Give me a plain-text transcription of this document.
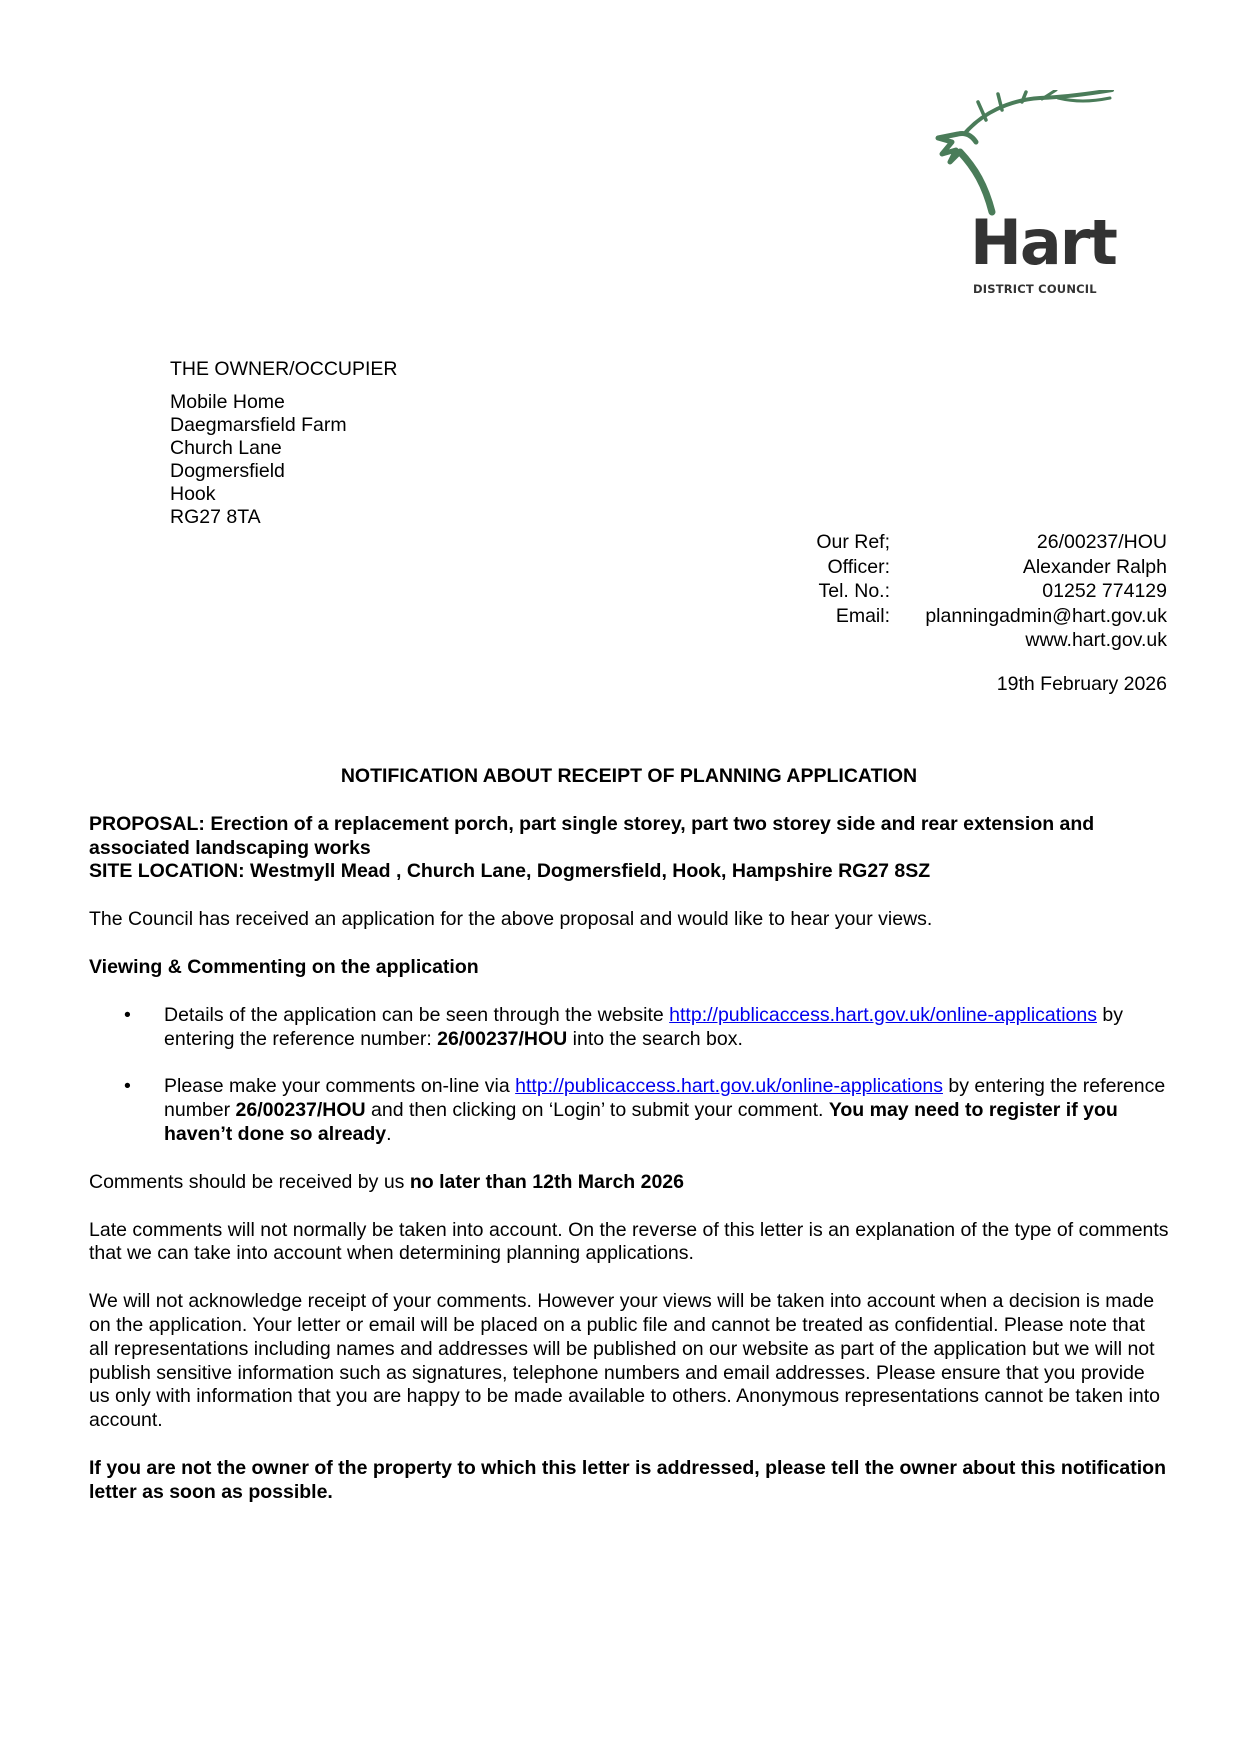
Hart
DISTRICT COUNCIL
THE OWNER/OCCUPIER
Mobile Home
Daegmarsfield Farm
Church Lane
Dogmersfield
Hook
RG27 8TA
Our Ref;	26/00237/HOU
Officer:	Alexander Ralph
Tel. No.:	01252 774129
Email:	planningadmin@hart.gov.uk
	www.hart.gov.uk
19th February 2026
NOTIFICATION ABOUT RECEIPT OF PLANNING APPLICATION

PROPOSAL: Erection of a replacement porch, part single storey, part two storey side and rear extension and associated landscaping works
SITE LOCATION: Westmyll Mead , Church Lane, Dogmersfield, Hook, Hampshire RG27 8SZ

The Council has received an application for the above proposal and would like to hear your views.

Viewing & Commenting on the application

• Details of the application can be seen through the website http://publicaccess.hart.gov.uk/online-applications by entering the reference number: 26/00237/HOU into the search box.
• Please make your comments on-line via http://publicaccess.hart.gov.uk/online-applications by entering the reference number 26/00237/HOU and then clicking on ‘Login’ to submit your comment. You may need to register if you haven’t done so already.

Comments should be received by us no later than 12th March 2026

Late comments will not normally be taken into account. On the reverse of this letter is an explanation of the type of comments that we can take into account when determining planning applications.

We will not acknowledge receipt of your comments. However your views will be taken into account when a decision is made on the application. Your letter or email will be placed on a public file and cannot be treated as confidential. Please note that all representations including names and addresses will be published on our website as part of the application but we will not publish sensitive information such as signatures, telephone numbers and email addresses. Please ensure that you provide us only with information that you are happy to be made available to others. Anonymous representations cannot be taken into account.

If you are not the owner of the property to which this letter is addressed, please tell the owner about this notification letter as soon as possible.
